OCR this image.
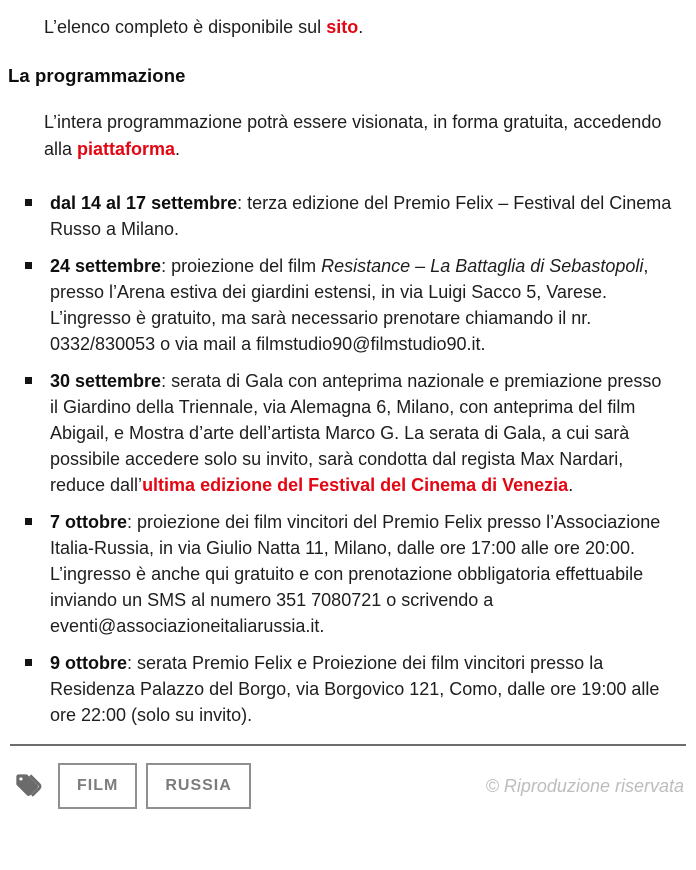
L’elenco completo è disponibile sul sito.

La programmazione

L’intera programmazione potrà essere visionata, in forma gratuita, accedendo alla piattaforma.

dal 14 al 17 settembre: terza edizione del Premio Felix – Festival del Cinema Russo a Milano.
24 settembre: proiezione del film Resistance – La Battaglia di Sebastopoli, presso l’Arena estiva dei giardini estensi, in via Luigi Sacco 5, Varese. L’ingresso è gratuito, ma sarà necessario prenotare chiamando il nr. 0332/830053 o via mail a filmstudio90@filmstudio90.it.
30 settembre: serata di Gala con anteprima nazionale e premiazione presso il Giardino della Triennale, via Alemagna 6, Milano, con anteprima del film Abigail, e Mostra d’arte dell’artista Marco G. La serata di Gala, a cui sarà possibile accedere solo su invito, sarà condotta dal regista Max Nardari, reduce dall’ultima edizione del Festival del Cinema di Venezia.
7 ottobre: proiezione dei film vincitori del Premio Felix presso l’Associazione Italia-Russia, in via Giulio Natta 11, Milano, dalle ore 17:00 alle ore 20:00. L’ingresso è anche qui gratuito e con prenotazione obbligatoria effettuabile inviando un SMS al numero 351 7080721 o scrivendo a eventi@associazioneitaliarussia.it.
9 ottobre: serata Premio Felix e Proiezione dei film vincitori presso la Residenza Palazzo del Borgo, via Borgovico 121, Como, dalle ore 19:00 alle ore 22:00 (solo su invito).
FILM	RUSSIA	© Riproduzione riservata
